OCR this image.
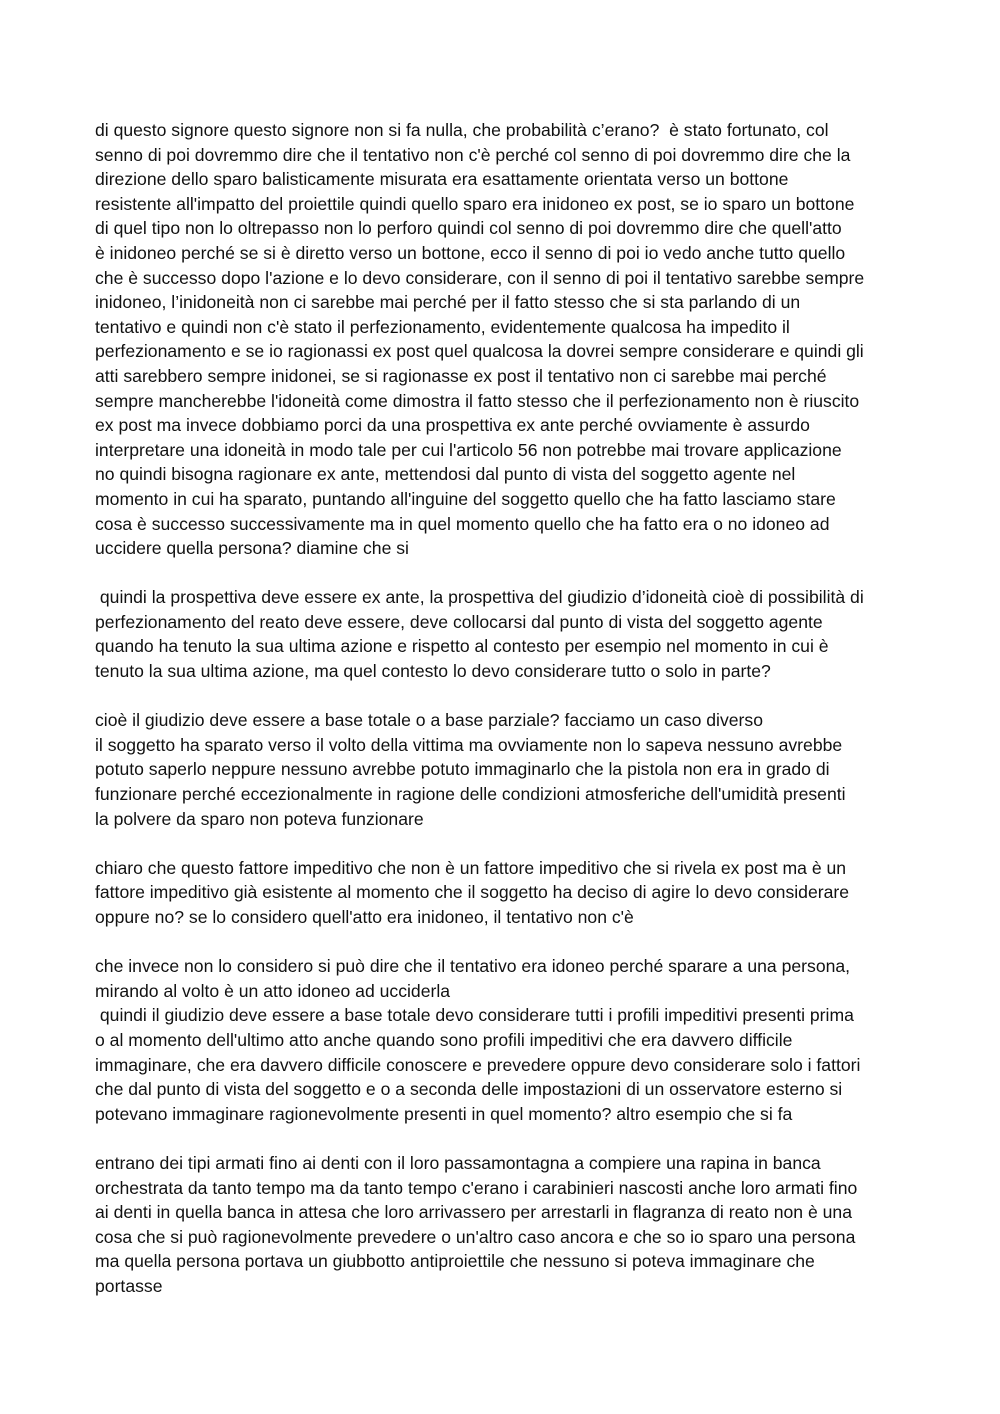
di questo signore questo signore non si fa nulla, che probabilità c’erano?  è stato fortunato, col
senno di poi dovremmo dire che il tentativo non c'è perché col senno di poi dovremmo dire che la
direzione dello sparo balisticamente misurata era esattamente orientata verso un bottone
resistente all'impatto del proiettile quindi quello sparo era inidoneo ex post, se io sparo un bottone
di quel tipo non lo oltrepasso non lo perforo quindi col senno di poi dovremmo dire che quell'atto
è inidoneo perché se si è diretto verso un bottone, ecco il senno di poi io vedo anche tutto quello
che è successo dopo l'azione e lo devo considerare, con il senno di poi il tentativo sarebbe sempre
inidoneo, l’inidoneità non ci sarebbe mai perché per il fatto stesso che si sta parlando di un
tentativo e quindi non c'è stato il perfezionamento, evidentemente qualcosa ha impedito il
perfezionamento e se io ragionassi ex post quel qualcosa la dovrei sempre considerare e quindi gli
atti sarebbero sempre inidonei, se si ragionasse ex post il tentativo non ci sarebbe mai perché
sempre mancherebbe l'idoneità come dimostra il fatto stesso che il perfezionamento non è riuscito
ex post ma invece dobbiamo porci da una prospettiva ex ante perché ovviamente è assurdo
interpretare una idoneità in modo tale per cui l'articolo 56 non potrebbe mai trovare applicazione
no quindi bisogna ragionare ex ante, mettendosi dal punto di vista del soggetto agente nel
momento in cui ha sparato, puntando all'inguine del soggetto quello che ha fatto lasciamo stare
cosa è successo successivamente ma in quel momento quello che ha fatto era o no idoneo ad
uccidere quella persona? diamine che si

quindi la prospettiva deve essere ex ante, la prospettiva del giudizio d’idoneità cioè di possibilità di
perfezionamento del reato deve essere, deve collocarsi dal punto di vista del soggetto agente
quando ha tenuto la sua ultima azione e rispetto al contesto per esempio nel momento in cui è
tenuto la sua ultima azione, ma quel contesto lo devo considerare tutto o solo in parte?

cioè il giudizio deve essere a base totale o a base parziale? facciamo un caso diverso
il soggetto ha sparato verso il volto della vittima ma ovviamente non lo sapeva nessuno avrebbe
potuto saperlo neppure nessuno avrebbe potuto immaginarlo che la pistola non era in grado di
funzionare perché eccezionalmente in ragione delle condizioni atmosferiche dell'umidità presenti
la polvere da sparo non poteva funzionare

chiaro che questo fattore impeditivo che non è un fattore impeditivo che si rivela ex post ma è un
fattore impeditivo già esistente al momento che il soggetto ha deciso di agire lo devo considerare
oppure no? se lo considero quell'atto era inidoneo, il tentativo non c'è

che invece non lo considero si può dire che il tentativo era idoneo perché sparare a una persona,
mirando al volto è un atto idoneo ad ucciderla
quindi il giudizio deve essere a base totale devo considerare tutti i profili impeditivi presenti prima
o al momento dell'ultimo atto anche quando sono profili impeditivi che era davvero difficile
immaginare, che era davvero difficile conoscere e prevedere oppure devo considerare solo i fattori
che dal punto di vista del soggetto e o a seconda delle impostazioni di un osservatore esterno si
potevano immaginare ragionevolmente presenti in quel momento? altro esempio che si fa

entrano dei tipi armati fino ai denti con il loro passamontagna a compiere una rapina in banca
orchestrata da tanto tempo ma da tanto tempo c'erano i carabinieri nascosti anche loro armati fino
ai denti in quella banca in attesa che loro arrivassero per arrestarli in flagranza di reato non è una
cosa che si può ragionevolmente prevedere o un'altro caso ancora e che so io sparo una persona
ma quella persona portava un giubbotto antiproiettile che nessuno si poteva immaginare che
portasse
